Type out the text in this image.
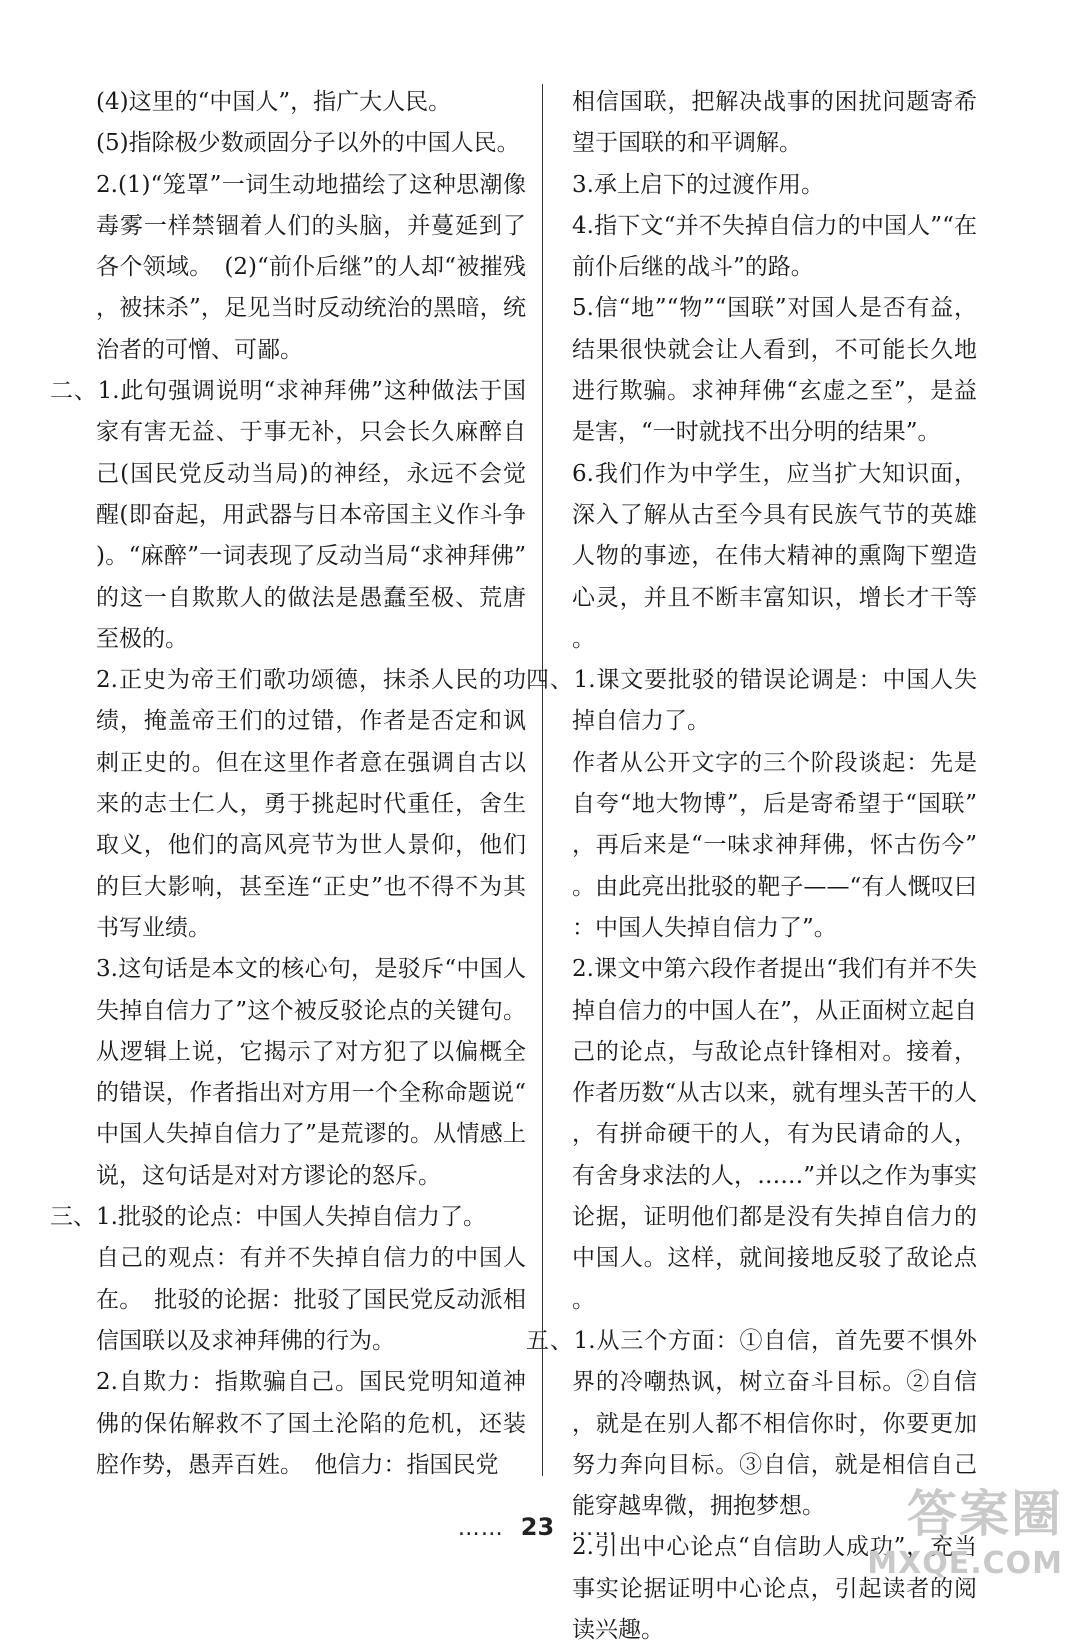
(4)这里的“中国人”，指广大人民。

(5)指除极少数顽固分子以外的中国人民。

2.(1)“笼罩”一词生动地描绘了这种思潮像毒雾一样禁锢着人们的头脑，并蔓延到了各个领域。　(2)“前仆后继”的人却“被摧残，被抹杀”，足见当时反动统治的黑暗，统治者的可憎、可鄙。

二、1.此句强调说明“求神拜佛”这种做法于国家有害无益、于事无补，只会长久麻醉自己(国民党反动当局)的神经，永远不会觉醒(即奋起，用武器与日本帝国主义作斗争)。“麻醉”一词表现了反动当局“求神拜佛”的这一自欺欺人的做法是愚蠢至极、荒唐至极的。

2.正史为帝王们歌功颂德，抹杀人民的功绩，掩盖帝王们的过错，作者是否定和讽刺正史的。但在这里作者意在强调自古以来的志士仁人，勇于挑起时代重任，舍生取义，他们的高风亮节为世人景仰，他们的巨大影响，甚至连“正史”也不得不为其书写业绩。

3.这句话是本文的核心句，是驳斥“中国人失掉自信力了”这个被反驳论点的关键句。从逻辑上说，它揭示了对方犯了以偏概全的错误，作者指出对方用一个全称命题说“中国人失掉自信力了”是荒谬的。从情感上说，这句话是对对方谬论的怒斥。

三、1.批驳的论点：中国人失掉自信力了。

自己的观点：有并不失掉自信力的中国人在。　批驳的论据：批驳了国民党反动派相信国联以及求神拜佛的行为。

2.自欺力：指欺骗自己。国民党明知道神佛的保佑解救不了国土沦陷的危机，还装腔作势，愚弄百姓。　他信力：指国民党

相信国联，把解决战事的困扰问题寄希望于国联的和平调解。

3.承上启下的过渡作用。

4.指下文“并不失掉自信力的中国人”“在前仆后继的战斗”的路。

5.信“地”“物”“国联”对国人是否有益，结果很快就会让人看到，不可能长久地进行欺骗。求神拜佛“玄虚之至”，是益是害，“一时就找不出分明的结果”。

6.我们作为中学生，应当扩大知识面，深入了解从古至今具有民族气节的英雄人物的事迹，在伟大精神的熏陶下塑造心灵，并且不断丰富知识，增长才干等。

四、1.课文要批驳的错误论调是：中国人失掉自信力了。

作者从公开文字的三个阶段谈起：先是自夸“地大物博”，后是寄希望于“国联”，再后来是“一味求神拜佛，怀古伤今”。由此亮出批驳的靶子——“有人慨叹曰：中国人失掉自信力了”。

2.课文中第六段作者提出“我们有并不失掉自信力的中国人在”，从正面树立起自己的论点，与敌论点针锋相对。接着，作者历数“从古以来，就有埋头苦干的人，有拼命硬干的人，有为民请命的人，有舍身求法的人，……”并以之作为事实论据，证明他们都是没有失掉自信力的中国人。这样，就间接地反驳了敌论点。

五、1.从三个方面：①自信，首先要不惧外界的冷嘲热讽，树立奋斗目标。②自信，就是在别人都不相信你时，你要更加努力奔向目标。③自信，就是相信自己能穿越卑微，拥抱梦想。

2.引出中心论点“自信助人成功”，充当事实论据证明中心论点，引起读者的阅读兴趣。

…… 23 ……	答案圈
MXQE.COM
